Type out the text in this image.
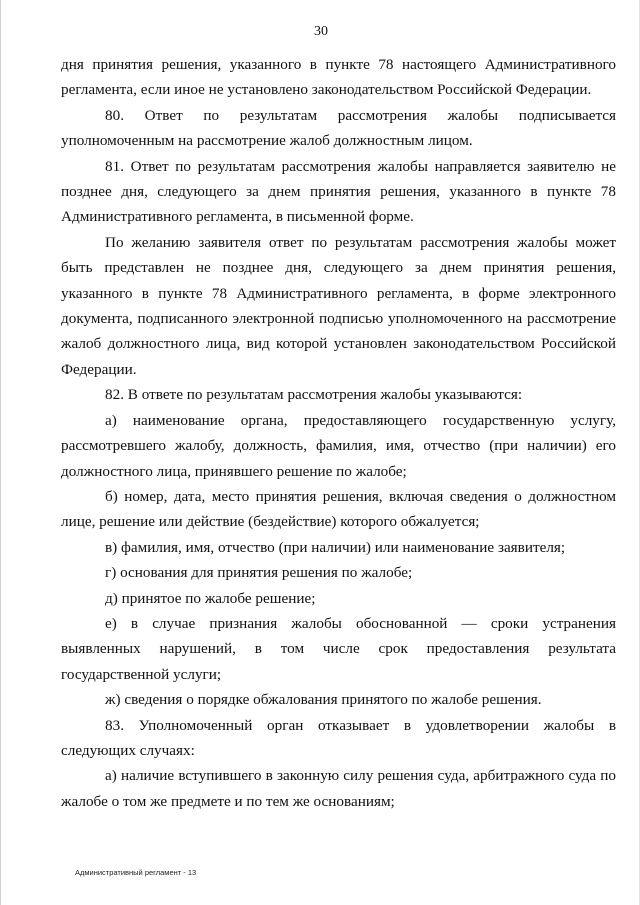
30

дня принятия решения, указанного в пункте 78 настоящего Административного регламента, если иное не установлено законодательством Российской Федерации.

80. Ответ по результатам рассмотрения жалобы подписывается уполномоченным на рассмотрение жалоб должностным лицом.

81. Ответ по результатам рассмотрения жалобы направляется заявителю не позднее дня, следующего за днем принятия решения, указанного в пункте 78 Административного регламента, в письменной форме.

По желанию заявителя ответ по результатам рассмотрения жалобы может быть представлен не позднее дня, следующего за днем принятия решения, указанного в пункте 78 Административного регламента, в форме электронного документа, подписанного электронной подписью уполномоченного на рассмотрение жалоб должностного лица, вид которой установлен законодательством Российской Федерации.

82. В ответе по результатам рассмотрения жалобы указываются:

а) наименование органа, предоставляющего государственную услугу, рассмотревшего жалобу, должность, фамилия, имя, отчество (при наличии) его должностного лица, принявшего решение по жалобе;

б) номер, дата, место принятия решения, включая сведения о должностном лице, решение или действие (бездействие) которого обжалуется;

в) фамилия, имя, отчество (при наличии) или наименование заявителя;

г) основания для принятия решения по жалобе;

д) принятое по жалобе решение;

е) в случае признания жалобы обоснованной — сроки устранения выявленных нарушений, в том числе срок предоставления результата государственной услуги;

ж) сведения о порядке обжалования принятого по жалобе решения.

83. Уполномоченный орган отказывает в удовлетворении жалобы в следующих случаях:

а) наличие вступившего в законную силу решения суда, арбитражного суда по жалобе о том же предмете и по тем же основаниям;

Административный регламент - 13
